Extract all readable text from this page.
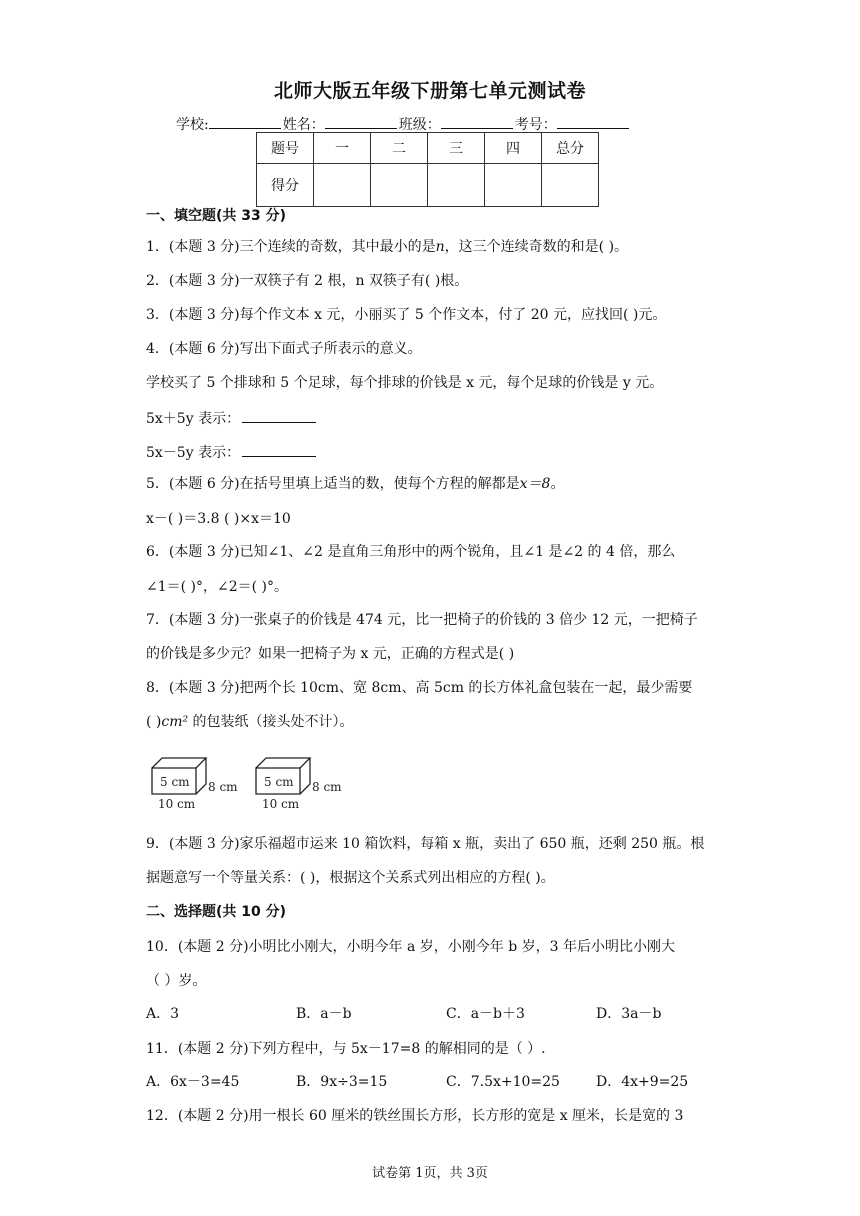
北师大版五年级下册第七单元测试卷
学校:	姓名：	班级：	考号：
题号	一	二	三	四	总分
得分					
一、填空题(共 33 分)
1．(本题 3 分)三个连续的奇数，其中最小的是n，这三个连续奇数的和是( )。
2．(本题 3 分)一双筷子有 2 根，n 双筷子有( )根。
3．(本题 3 分)每个作文本 x 元，小丽买了 5 个作文本，付了 20 元，应找回( )元。
4．(本题 6 分)写出下面式子所表示的意义。
学校买了 5 个排球和 5 个足球，每个排球的价钱是 x 元，每个足球的价钱是 y 元。
5x＋5y 表示：
5x－5y 表示：
5．(本题 6 分)在括号里填上适当的数，使每个方程的解都是x＝8。
x－( )＝3.8 ( )×x＝10
6．(本题 3 分)已知∠1、∠2 是直角三角形中的两个锐角，且∠1 是∠2 的 4 倍，那么
∠1＝( )°，∠2＝( )°。
7．(本题 3 分)一张桌子的价钱是 474 元，比一把椅子的价钱的 3 倍少 12 元，一把椅子
的价钱是多少元？如果一把椅子为 x 元，正确的方程式是( )
8．(本题 3 分)把两个长 10cm、宽 8cm、高 5cm 的长方体礼盒包装在一起，最少需要
( )cm² 的包装纸（接头处不计）。
5 cm 8 cm
10 cm
5 cm 8 cm
10 cm
9．(本题 3 分)家乐福超市运来 10 箱饮料，每箱 x 瓶，卖出了 650 瓶，还剩 250 瓶。根
据题意写一个等量关系：( )，根据这个关系式列出相应的方程( )。
二、选择题(共 10 分)
10．(本题 2 分)小明比小刚大，小明今年 a 岁，小刚今年 b 岁，3 年后小明比小刚大
（ ）岁。
A．3	B．a－b	C．a－b＋3	D．3a－b
11．(本题 2 分)下列方程中，与 5x－17=8 的解相同的是（ ）.
A．6x－3=45	B．9x÷3=15	C．7.5x+10=25	D．4x+9=25
12．(本题 2 分)用一根长 60 厘米的铁丝围长方形，长方形的宽是 x 厘米，长是宽的 3
试卷第 1页，共 3页
